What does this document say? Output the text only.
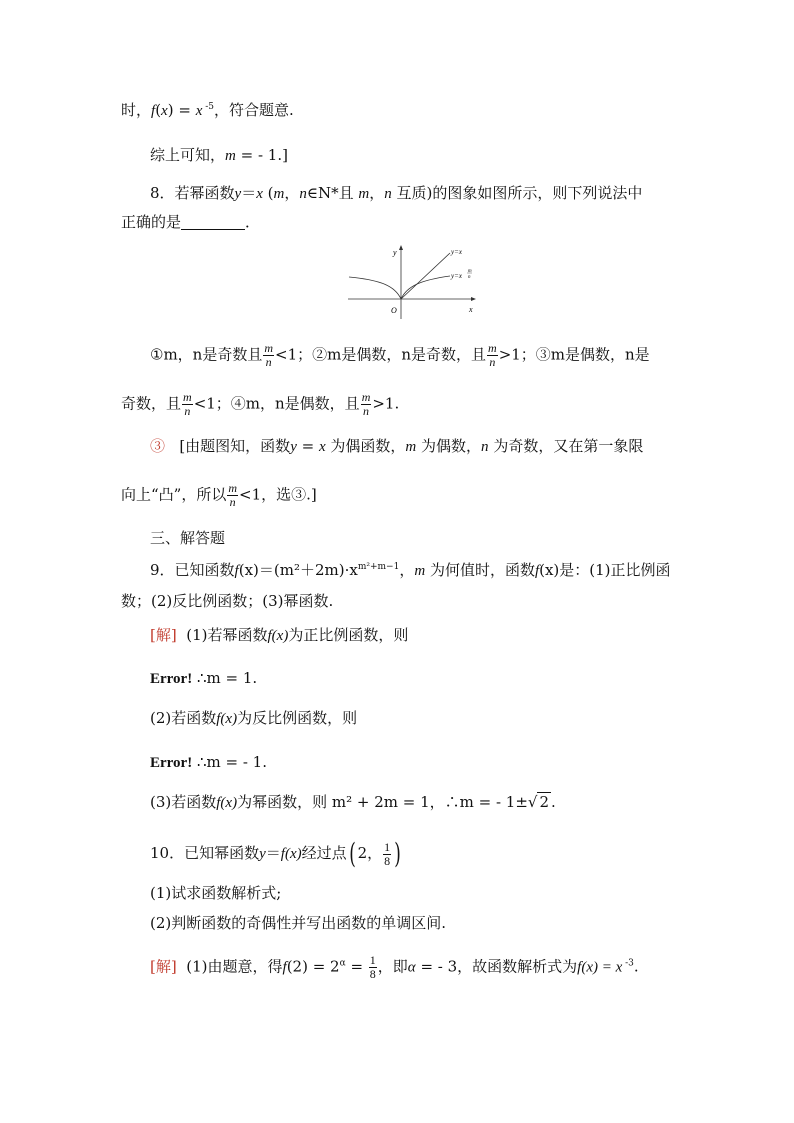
时，f(x) = x $^{-5}$，符合题意.
综上可知，m = - 1.]
8．若幂函数y＝x (m，n∈N*且 m，n 互质)的图象如图所示，则下列说法中
正确的是	．
y
x
O
y=x
y=x
m
n
①m，n是奇数且 $\frac{m}{n} <1$；②m是偶数，n是奇数，且 $\frac{m}{n} >1$；③m是偶数，n是
奇数，且 $\frac{m}{n} <1$；④m，n是偶数，且 $\frac{m}{n} >1$.
③ [由题图知，函数y = x 为偶函数，m 为偶数，n 为奇数，又在第一象限
向上“凸”，所以 $\frac{m}{n} <1$，选③.]
三、解答题
9．已知函数$f(x)=(m^2+2m)\cdot x^{m^2+m-1}$，m 为何值时，函数f(x)是：(1)正比例函
数；(2)反比例函数；(3)幂函数.
[解] (1)若幂函数f(x)为正比例函数，则
Error! ∴m = 1.
(2)若函数f(x)为反比例函数，则
Error! ∴m = - 1.
(3)若函数f(x)为幂函数，则 m² + 2m = 1，∴m = - 1±√ 2 .
10．已知幂函数y＝f(x)经过点( 2， $\frac{1}{8}$ )
(1)试求函数解析式;
(2)判断函数的奇偶性并写出函数的单调区间.
[解] (1)由题意，得$f(2) = 2^\alpha = \frac{1}{8}$ ，即α = - 3，故函数解析式为f(x) = x $^{-3}$.
